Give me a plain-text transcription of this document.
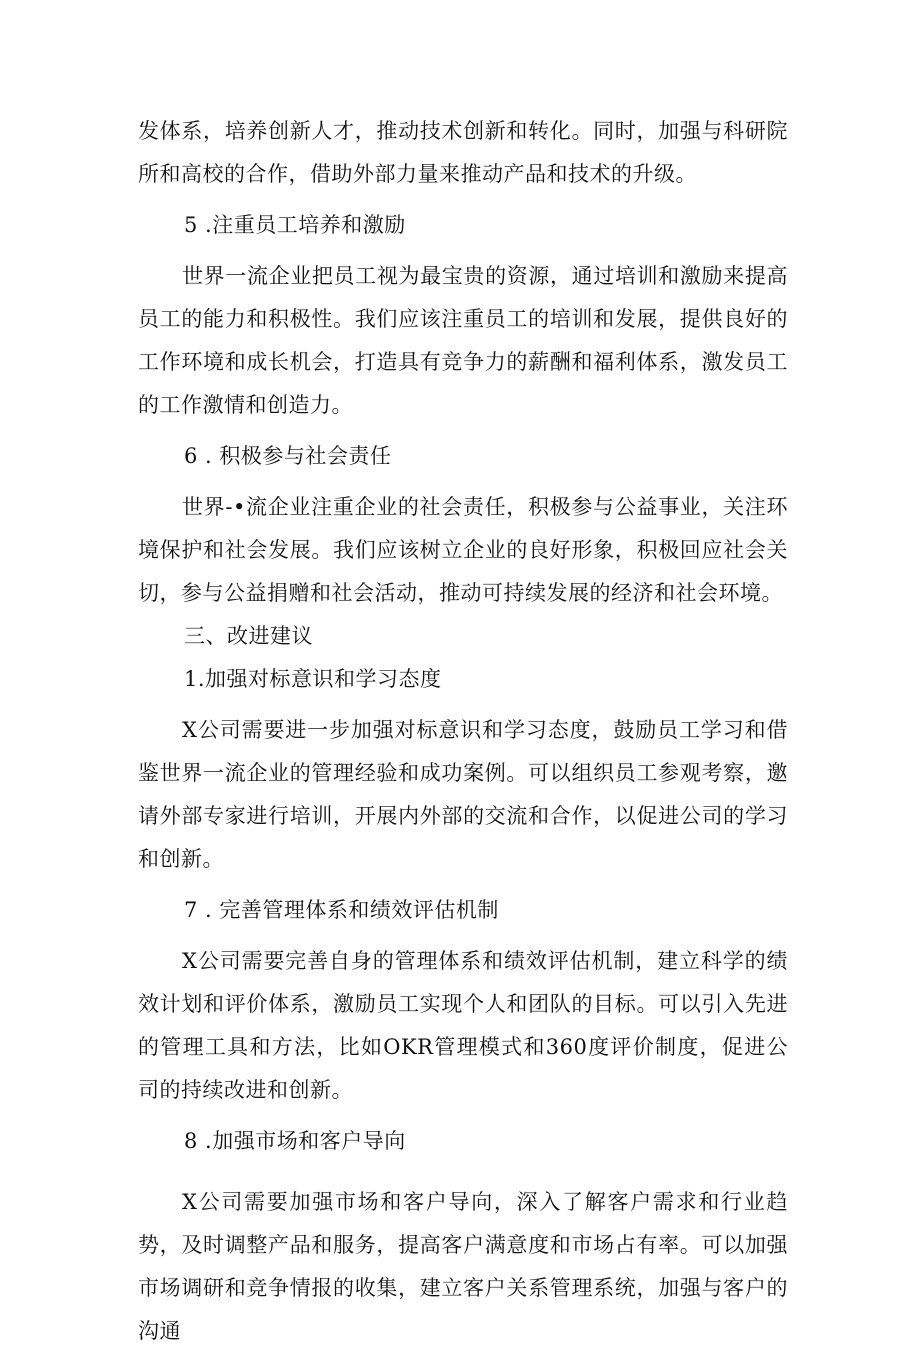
发体系，培养创新人才，推动技术创新和转化。同时，加强与科研院所和高校的合作，借助外部力量来推动产品和技术的升级。

5 .注重员工培养和激励

世界一流企业把员工视为最宝贵的资源，通过培训和激励来提高员工的能力和积极性。我们应该注重员工的培训和发展，提供良好的工作环境和成长机会，打造具有竞争力的薪酬和福利体系，激发员工的工作激情和创造力。

6 . 积极参与社会责任

世界-•流企业注重企业的社会责任，积极参与公益事业，关注环境保护和社会发展。我们应该树立企业的良好形象，积极回应社会关切，参与公益捐赠和社会活动，推动可持续发展的经济和社会环境。

三、改进建议

1.加强对标意识和学习态度

X公司需要进一步加强对标意识和学习态度，鼓励员工学习和借鉴世界一流企业的管理经验和成功案例。可以组织员工参观考察，邀请外部专家进行培训，开展内外部的交流和合作，以促进公司的学习和创新。

7 . 完善管理体系和绩效评估机制

X公司需要完善自身的管理体系和绩效评估机制，建立科学的绩效计划和评价体系，激励员工实现个人和团队的目标。可以引入先进的管理工具和方法，比如OKR管理模式和360度评价制度，促进公司的持续改进和创新。

8 .加强市场和客户导向

X公司需要加强市场和客户导向，深入了解客户需求和行业趋势，及时调整产品和服务，提高客户满意度和市场占有率。可以加强市场调研和竞争情报的收集，建立客户关系管理系统，加强与客户的沟通
